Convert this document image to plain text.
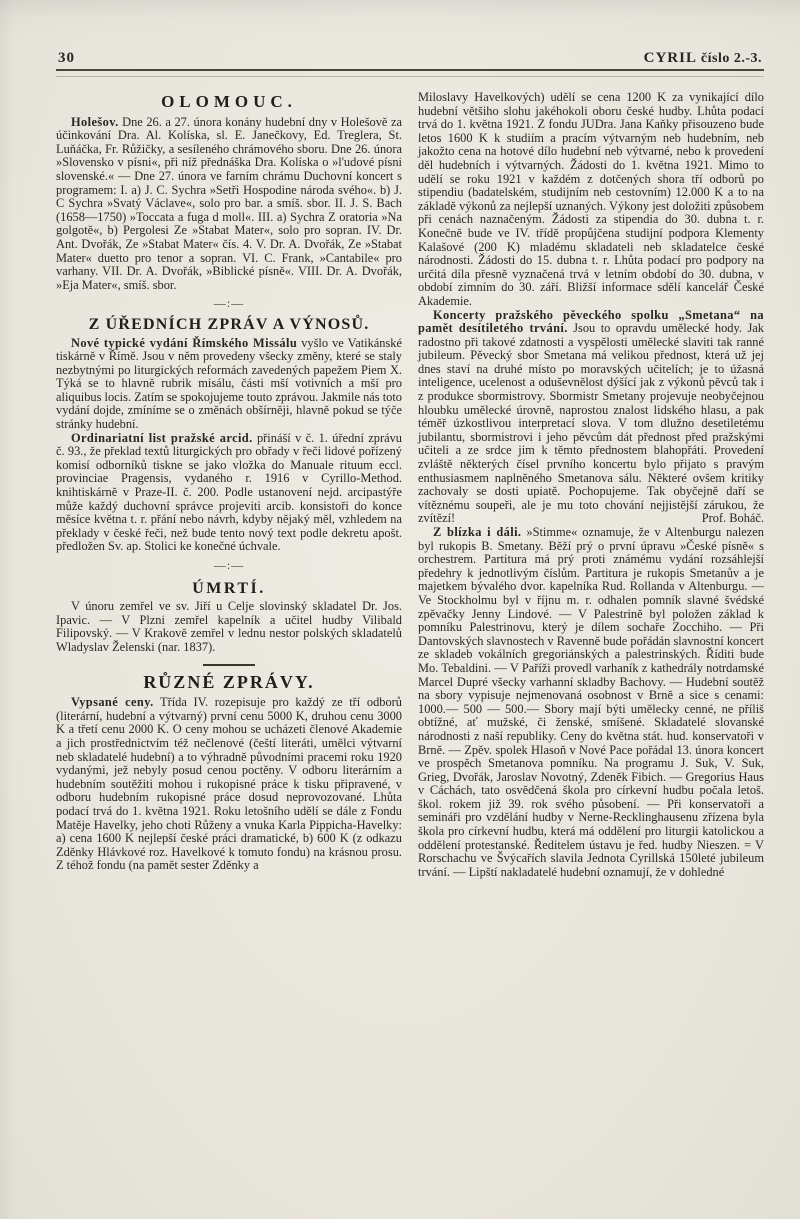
30	CYRIL číslo 2.-3.
OLOMOUC.

Holešov. Dne 26. a 27. února konány hudební dny v Holešově za účinkování Dra. Al. Kolíska, sl. E. Janečkovy, Ed. Treglera, St. Luňáčka, Fr. Růžičky, a sesíleného chrámového sboru. Dne 26. února »Slovensko v písni«, při níž přednáška Dra. Kolíska o »l'udové písni slovenské.« — Dne 27. února ve farním chrámu Duchovní koncert s programem: I. a) J. C. Sychra »Setři Hospodine národa svého«. b) J. C Sychra »Svatý Václave«, solo pro bar. a smíš. sbor. II. J. S. Bach (1658—1750) »Toccata a fuga d moll«. III. a) Sychra Z oratoria »Na golgotě«, b) Pergolesi Ze »Stabat Mater«, solo pro sopran. IV. Dr. Ant. Dvořák, Ze »Stabat Mater« čís. 4. V. Dr. A. Dvořák, Ze »Stabat Mater« duetto pro tenor a sopran. VI. C. Frank, »Cantabile« pro varhany. VII. Dr. A. Dvořák, »Biblické písně«. VIII. Dr. A. Dvořák, »Eja Mater«, smíš. sbor.

—:—
Z ÚŘEDNÍCH ZPRÁV A VÝNOSŮ.

Nové typické vydání Římského Missálu vyšlo ve Vatikánské tiskárně v Římě. Jsou v něm provedeny všecky změny, které se staly nezbytnými po liturgických reformách zavedených papežem Piem X. Týká se to hlavně rubrik misálu, části mší votivních a mší pro aliquibus locis. Zatím se spokojujeme touto zprávou. Jakmile nás toto vydání dojde, zmíníme se o změnách obšírněji, hlavně pokud se týče stránky hudební.

Ordinariatní list pražské arcid. přináší v č. 1. úřední zprávu č. 93., že překlad textů liturgických pro obřady v řeči lidové pořízený komisí odborníků tiskne se jako vložka do Manuale rituum eccl. provinciae Pragensis, vydaného r. 1916 v Cyrillo-Method. knihtiskárně v Praze-II. č. 200. Podle ustanovení nejd. arcipastýře může každý duchovní správce projeviti arcib. konsistoři do konce měsíce května t. r. přání nebo návrh, kdyby nějaký měl, vzhledem na překlady v české řeči, než bude tento nový text podle dekretu apošt. předložen Sv. ap. Stolici ke konečné úchvale.

—:—
ÚMRTÍ.

V únoru zemřel ve sv. Jiří u Celje slovinský skladatel Dr. Jos. Ipavic. — V Plzni zemřel kapelník a učitel hudby Vilibald Filipovský. — V Krakově zemřel v lednu nestor polských skladatelů Wladyslav Želenski (nar. 1837).

RŮZNÉ ZPRÁVY.

Vypsané ceny. Třída IV. rozepisuje pro každý ze tří odborů (literární, hudební a výtvarný) první cenu 5000 K, druhou cenu 3000 K a třetí cenu 2000 K. O ceny mohou se ucházeti členové Akademie a jich prostřednictvím též nečlenové (čeští literáti, umělci výtvarní neb skladatelé hudební) a to výhradně původními pracemi roku 1920 vydanými, jež nebyly posud cenou poctěny. V odboru literárním a hudebním soutěžiti mohou i rukopisné práce k tisku připravené, v odboru hudebním rukopisné práce dosud neprovozované. Lhůta podací trvá do 1. května 1921. Roku letošního udělí se dále z Fondu Matěje Havelky, jeho choti Růženy a vnuka Karla Pippicha-Havelky: a) cena 1600 K nejlepší české práci dramatické, b) 600 K (z odkazu Zděnky Hlávkové roz. Havelkové k tomuto fondu) na krásnou prosu. Z téhož fondu (na pamět sester Zděnky a

Miloslavy Havelkových) udělí se cena 1200 K za vynikající dílo hudební většiho slohu jakéhokoli oboru české hudby. Lhůta podací trvá do 1. května 1921. Z fondu JUDra. Jana Kaňky přisouzeno bude letos 1600 K k studiím a pracím výtvarným neb hudebním, neb jakožto cena na hotové dílo hudební neb výtvarné, nebo k provedení děl hudebních i výtvarných. Žádosti do 1. května 1921. Mimo to udělí se roku 1921 v každém z dotčených shora tří odborů po stipendiu (badatelském, studijním neb cestovním) 12.000 K a to na základě výkonů za nejlepší uznaných. Výkony jest doložiti způsobem při cenách naznačeným. Žádosti za stipendia do 30. dubna t. r. Konečně bude ve IV. třídě propůjčena studijní podpora Klementy Kalašové (200 K) mladému skladateli neb skladatelce české národnosti. Žádosti do 15. dubna t. r. Lhůta podací pro podpory na určitá díla přesně vyznačená trvá v letním období do 30. dubna, v období zimním do 30. září. Bližší informace sdělí kancelář České Akademie.

Koncerty pražského pěveckého spolku „Smetana“ na pamět desítiletého trvání. Jsou to opravdu umělecké hody. Jak radostno při takové zdatnosti a vyspělosti umělecké slaviti tak ranné jubileum. Pěvecký sbor Smetana má velikou přednost, která už jej dnes staví na druhé místo po moravských učitelích; je to úžasná inteligence, ucelenost a oduševnělost dýšící jak z výkonů pěvců tak i z produkce sbormistrovy. Sbormistr Smetany projevuje neobyčejnou hloubku umělecké úrovně, naprostou znalost lidského hlasu, a pak téměř úzkostlivou interpretací slova. V tom dlužno desetiletému jubilantu, sbormistrovi i jeho pěvcům dát přednost před pražskými učiteli a ze srdce jim k těmto přednostem blahopřáti. Provedení zvláště některých čísel prvního koncertu bylo přijato s pravým enthusiasmem naplněného Smetanova sálu. Některé ovšem kritiky zachovaly se dosti upiatě. Pochopujeme. Tak obyčejně daří se vítěznému soupeři, ale je mu toto chování nejjistější zárukou, že zvítězí!	Prof. Boháč.

Z blízka i dáli. »Stimme« oznamuje, že v Altenburgu nalezen byl rukopis B. Smetany. Běží prý o první úpravu »České písně« s orchestrem. Partitura má prý proti známému vydání rozsáhlejší předehry k jednotlivým číslům. Partitura je rukopis Smetanův a je majetkem bývalého dvor. kapelníka Rud. Rollanda v Altenburgu. — Ve Stockholmu byl v říjnu m. r. odhalen pomník slavné švédské zpěvačky Jenny Lindové. — V Palestrině byl položen základ k pomníku Palestrinovu, který je dílem sochaře Zocchiho. — Při Dantovských slavnostech v Ravenně bude pořádán slavnostní koncert ze skladeb vokálních gregoriánských a palestrinských. Říditi bude Mo. Tebaldini. — V Paříži provedl varhaník z kathedrály notrdamské Marcel Dupré všecky varhanní skladby Bachovy. — Hudební soutěž na sbory vypisuje nejmenovaná osobnost v Brně a sice s cenami: 1000.— 500 — 500.— Sbory mají býti umělecky cenné, ne příliš obtížné, ať mužské, či ženské, smíšené. Skladatelé slovanské národnosti z naší republiky. Ceny do května stát. hud. konservatoři v Brně. — Zpěv. spolek Hlasoň v Nové Pace pořádal 13. února koncert ve prospěch Smetanova pomníku. Na programu J. Suk, V. Suk, Grieg, Dvořák, Jaroslav Novotný, Zdeněk Fibich. — Gregorius Haus v Cáchách, tato osvědčená škola pro církevní hudbu počala letoš. škol. rokem již 39. rok svého působení. — Při konservatoři a semináři pro vzdělání hudby v Nerne-Recklinghausenu zřízena byla škola pro církevní hudbu, která má oddělení pro liturgii katolickou a oddělení protestanské. Ředitelem ústavu je řed. hudby Nieszen. = V Rorschachu ve Švýcařích slavila Jednota Cyrillská 150leté jubileum trvání. — Lipští nakladatelé hudební oznamují, že v dohledné
